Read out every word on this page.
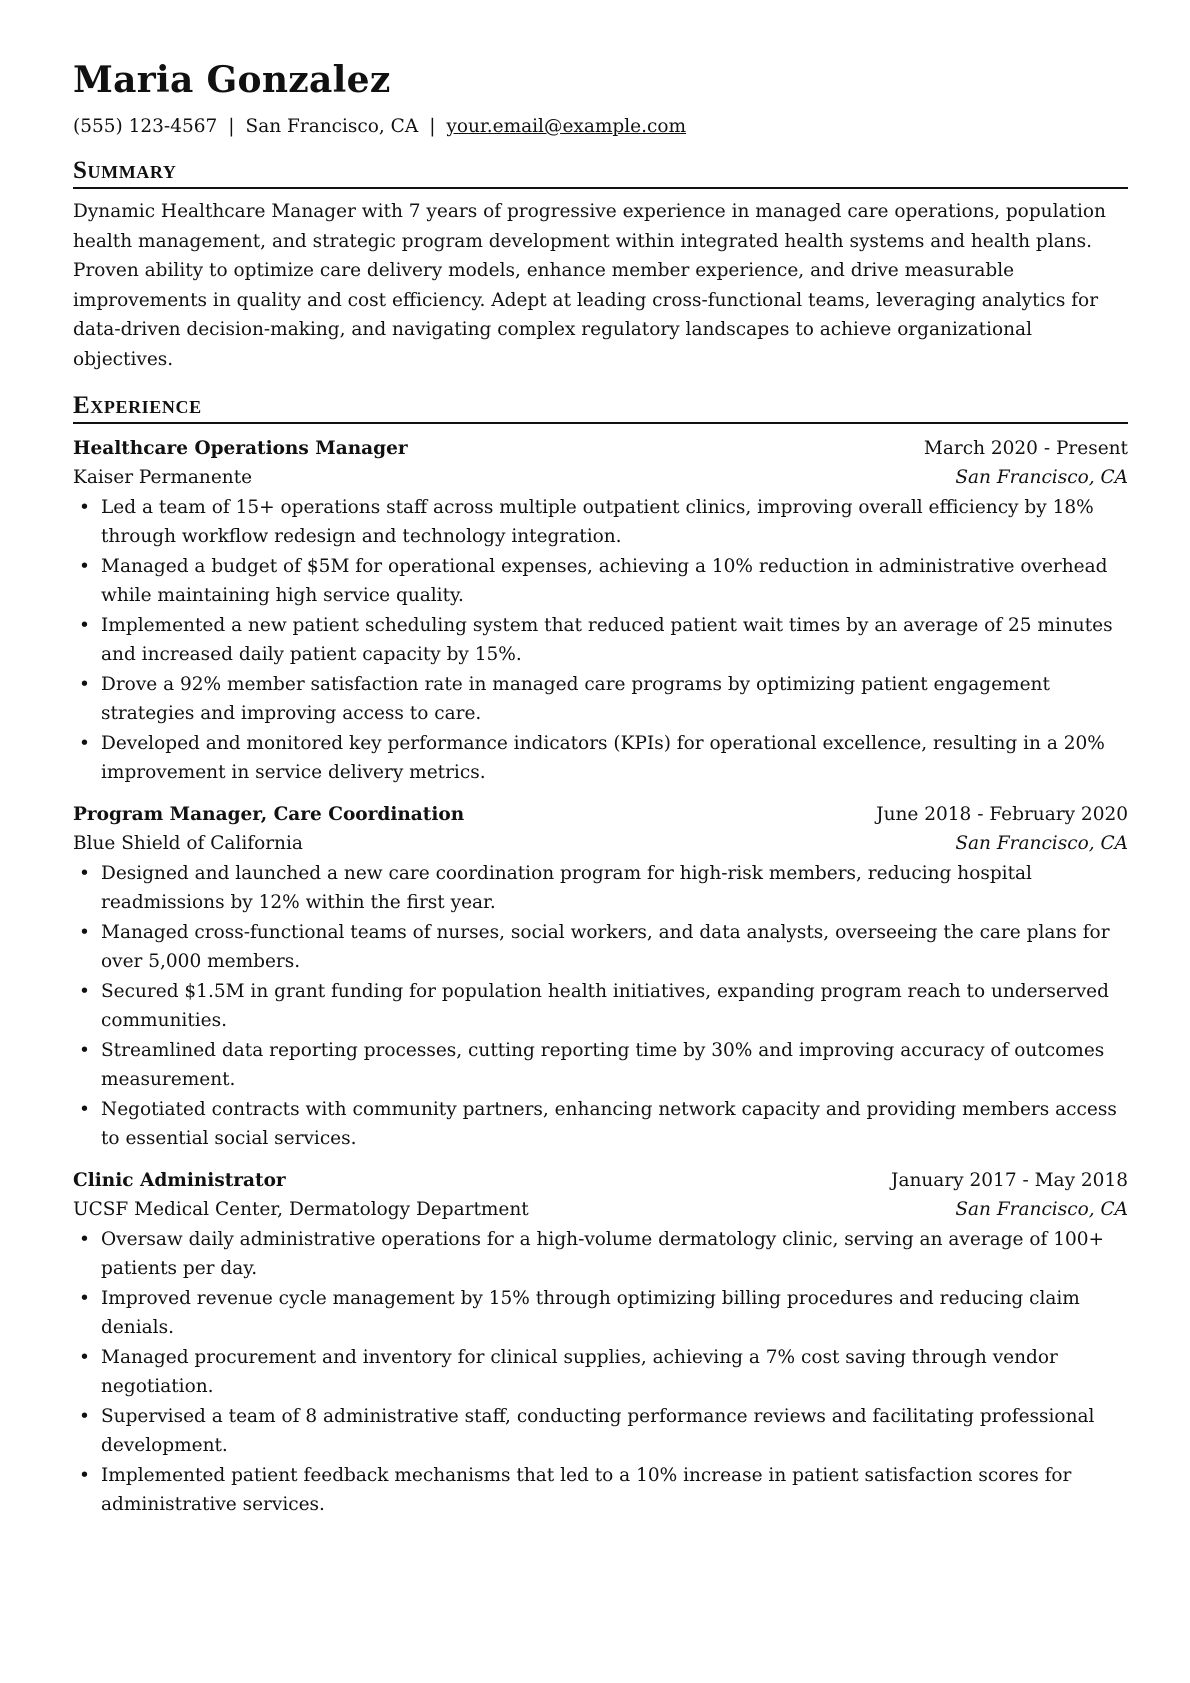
Maria Gonzalez
(555) 123-4567 | San Francisco, CA | your.email@example.com
Summary
Dynamic Healthcare Manager with 7 years of progressive experience in managed care operations, population health management, and strategic program development within integrated health systems and health plans. Proven ability to optimize care delivery models, enhance member experience, and drive measurable improvements in quality and cost efficiency. Adept at leading cross-functional teams, leveraging analytics for data-driven decision-making, and navigating complex regulatory landscapes to achieve organizational objectives.
Experience
Healthcare Operations Manager	March 2020 - Present
Kaiser Permanente	San Francisco, CA
• Led a team of 15+ operations staff across multiple outpatient clinics, improving overall efficiency by 18% through workflow redesign and technology integration.
• Managed a budget of $5M for operational expenses, achieving a 10% reduction in administrative overhead while maintaining high service quality.
• Implemented a new patient scheduling system that reduced patient wait times by an average of 25 minutes and increased daily patient capacity by 15%.
• Drove a 92% member satisfaction rate in managed care programs by optimizing patient engagement strategies and improving access to care.
• Developed and monitored key performance indicators (KPIs) for operational excellence, resulting in a 20% improvement in service delivery metrics.
Program Manager, Care Coordination	June 2018 - February 2020
Blue Shield of California	San Francisco, CA
• Designed and launched a new care coordination program for high-risk members, reducing hospital readmissions by 12% within the first year.
• Managed cross-functional teams of nurses, social workers, and data analysts, overseeing the care plans for over 5,000 members.
• Secured $1.5M in grant funding for population health initiatives, expanding program reach to underserved communities.
• Streamlined data reporting processes, cutting reporting time by 30% and improving accuracy of outcomes measurement.
• Negotiated contracts with community partners, enhancing network capacity and providing members access to essential social services.
Clinic Administrator	January 2017 - May 2018
UCSF Medical Center, Dermatology Department	San Francisco, CA
• Oversaw daily administrative operations for a high-volume dermatology clinic, serving an average of 100+ patients per day.
• Improved revenue cycle management by 15% through optimizing billing procedures and reducing claim denials.
• Managed procurement and inventory for clinical supplies, achieving a 7% cost saving through vendor negotiation.
• Supervised a team of 8 administrative staff, conducting performance reviews and facilitating professional development.
• Implemented patient feedback mechanisms that led to a 10% increase in patient satisfaction scores for administrative services.
